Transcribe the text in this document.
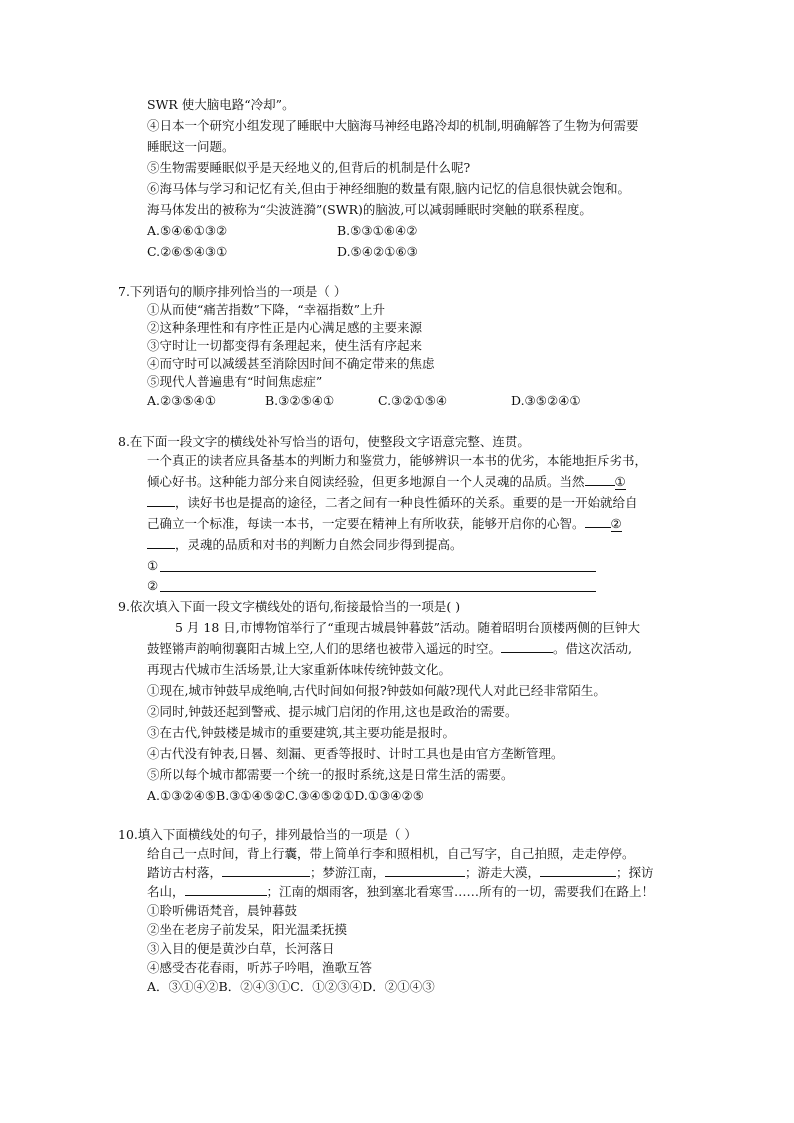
SWR 使大脑电路“冷却”。
④日本一个研究小组发现了睡眠中大脑海马神经电路冷却的机制,明确解答了生物为何需要
睡眠这一问题。
⑤生物需要睡眠似乎是天经地义的,但背后的机制是什么呢?
⑥海马体与学习和记忆有关,但由于神经细胞的数量有限,脑内记忆的信息很快就会饱和。
海马体发出的被称为“尖波涟漪”(SWR)的脑波,可以减弱睡眠时突触的联系程度。
A.⑤④⑥①③②	B.⑤③①⑥④②
C.②⑥⑤④③①	D.⑤④②①⑥③
7.下列语句的顺序排列恰当的一项是（ ）
①从而使“痛苦指数”下降，“幸福指数”上升
②这种条理性和有序性正是内心满足感的主要来源
③守时让一切都变得有条理起来，使生活有序起来
④而守时可以减缓甚至消除因时间不确定带来的焦虑
⑤现代人普遍患有“时间焦虑症”
A.②③⑤④①	B.③②⑤④①	C.③②①⑤④	D.③⑤②④①
8.在下面一段文字的横线处补写恰当的语句，使整段文字语意完整、连贯。
一个真正的读者应具备基本的判断力和鉴赏力，能够辨识一本书的优劣，本能地拒斥劣书，
倾心好书。这种能力部分来自阅读经验，但更多地源自一个人灵魂的品质。当然 ①
，读好书也是提高的途径，二者之间有一种良性循环的关系。重要的是一开始就给自
己确立一个标准，每读一本书，一定要在精神上有所收获，能够开启你的心智。 ②
，灵魂的品质和对书的判断力自然会同步得到提高。
①
②
9.依次填入下面一段文字横线处的语句,衔接最恰当的一项是( )
5 月 18 日,市博物馆举行了“重现古城晨钟暮鼓”活动。随着昭明台顶楼两侧的巨钟大
鼓铿锵声韵响彻襄阳古城上空,人们的思绪也被带入遥远的时空。	。借这次活动,
再现古代城市生活场景,让大家重新体味传统钟鼓文化。
①现在,城市钟鼓早成绝响,古代时间如何报?钟鼓如何敲?现代人对此已经非常陌生。
②同时,钟鼓还起到警戒、提示城门启闭的作用,这也是政治的需要。
③在古代,钟鼓楼是城市的重要建筑,其主要功能是报时。
④古代没有钟表,日晷、刻漏、更香等报时、计时工具也是由官方垄断管理。
⑤所以每个城市都需要一个统一的报时系统,这是日常生活的需要。
A.①③②④⑤B.③①④⑤②C.③④⑤②①D.①③④②⑤
10.填入下面横线处的句子，排列最恰当的一项是（ ）
给自己一点时间，背上行囊，带上简单行李和照相机，自己写字，自己拍照，走走停停。
踏访古村落，	；梦游江南，	；游走大漠，	；探访
名山，	；江南的烟雨客，独到塞北看寒雪……所有的一切，需要我们在路上！
①聆听佛语梵音，晨钟暮鼓
②坐在老房子前发呆，阳光温柔抚摸
③入目的便是黄沙白草，长河落日
④感受杏花春雨，听苏子吟唱，渔歌互答
A．③①④②B．②④③①C．①②③④D．②①④③
